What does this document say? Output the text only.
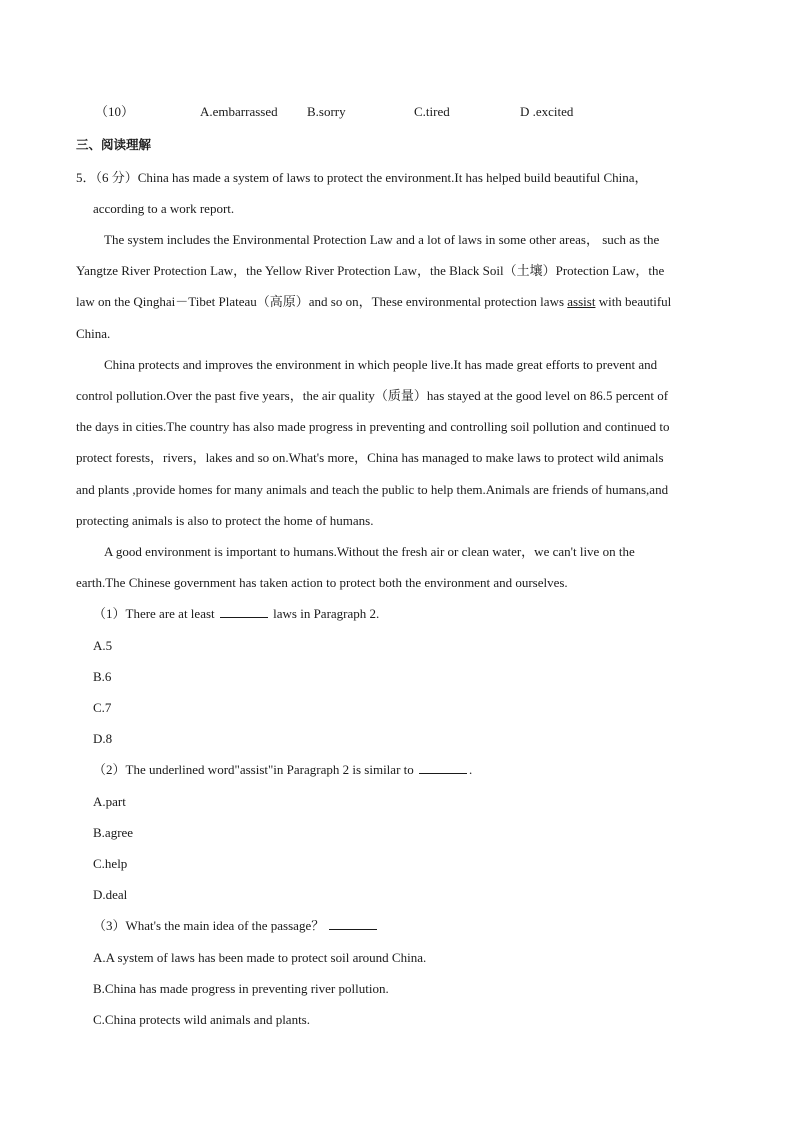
（10）	A.embarrassed B.sorry	C.tired	D .excited
三、阅读理解
5．（6 分）China has made a system of laws to protect the environment.It has helped build beautiful China，
according to a work report.
The system includes the Environmental Protection Law and a lot of laws in some other areas， such as the
Yangtze River Protection Law，the Yellow River Protection Law，the Black Soil（土壤）Protection Law，the
law on the Qinghai－Tibet Plateau（高原）and so on，These environmental protection laws assist with beautiful
China.
China protects and improves the environment in which people live.It has made great efforts to prevent and
control pollution.Over the past five years，the air quality（质量）has stayed at the good level on 86.5 percent of
the days in cities.The country has also made progress in preventing and controlling soil pollution and continued to
protect forests，rivers，lakes and so on.What's more，China has managed to make laws to protect wild animals
and plants ,provide homes for many animals and teach the public to help them.Animals are friends of humans,and
protecting animals is also to protect the home of humans.
A good environment is important to humans.Without the fresh air or clean water，we can't live on the
earth.The Chinese government has taken action to protect both the environment and ourselves.
（1）There are at least	laws in Paragraph 2.
A.5
B.6
C.7
D.8
（2）The underlined word"assist"in Paragraph 2 is similar to	.
A.part
B.agree
C.help
D.deal
（3）What's the main idea of the passage？
A.A system of laws has been made to protect soil around China.
B.China has made progress in preventing river pollution.
C.China protects wild animals and plants.
